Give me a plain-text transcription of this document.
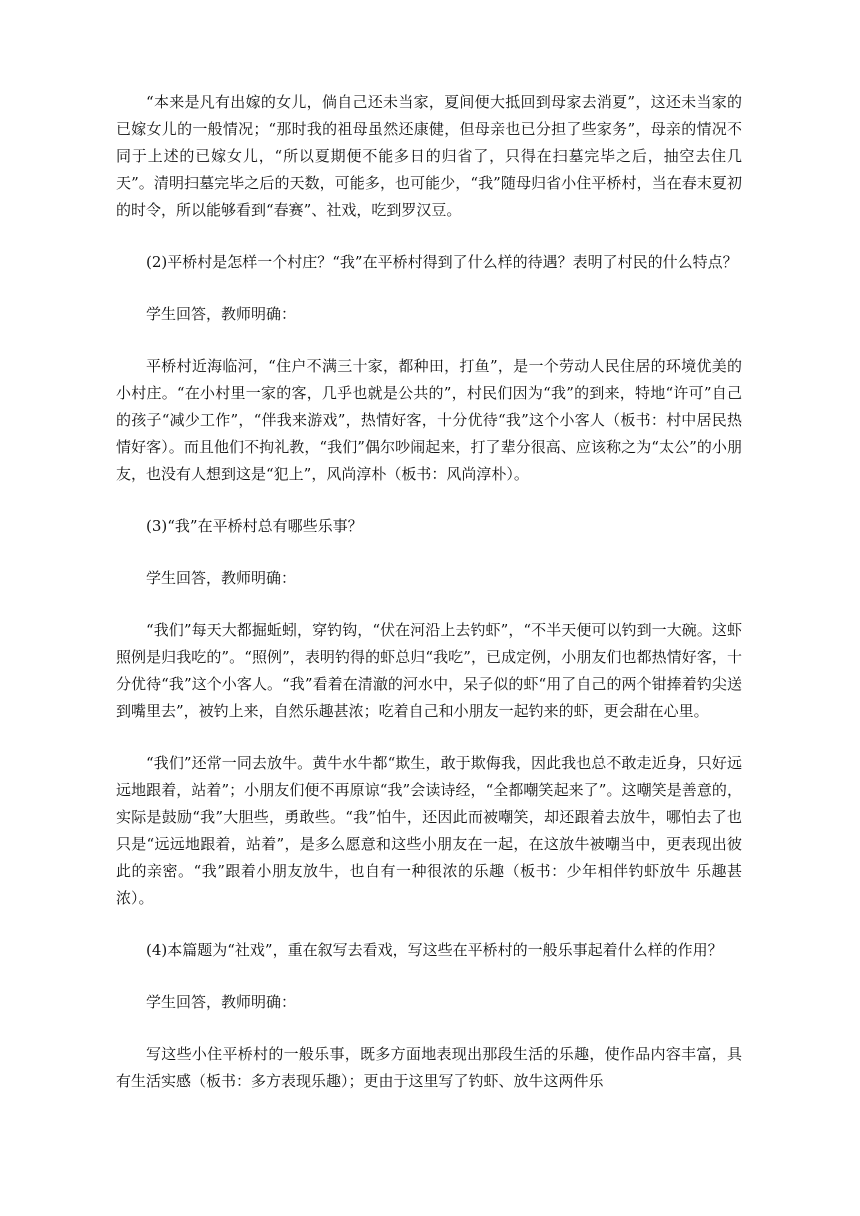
“本来是凡有出嫁的女儿，倘自己还未当家，夏间便大抵回到母家去消夏”，这还未当家的已嫁女儿的一般情况；“那时我的祖母虽然还康健，但母亲也已分担了些家务”，母亲的情况不同于上述的已嫁女儿，“所以夏期便不能多日的归省了，只得在扫墓完毕之后，抽空去住几天”。清明扫墓完毕之后的天数，可能多，也可能少，“我”随母归省小住平桥村，当在春末夏初的时令，所以能够看到“春赛”、社戏，吃到罗汉豆。

(2)平桥村是怎样一个村庄？“我”在平桥村得到了什么样的待遇？表明了村民的什么特点？

学生回答，教师明确：

平桥村近海临河，“住户不满三十家，都种田，打鱼”，是一个劳动人民住居的环境优美的小村庄。“在小村里一家的客，几乎也就是公共的”，村民们因为“我”的到来，特地“许可”自己的孩子“减少工作”，“伴我来游戏”，热情好客，十分优待“我”这个小客人（板书：村中居民热情好客）。而且他们不拘礼教，“我们”偶尔吵闹起来，打了辈分很高、应该称之为“太公”的小朋友，也没有人想到这是“犯上”，风尚淳朴（板书：风尚淳朴）。

(3)“我”在平桥村总有哪些乐事？

学生回答，教师明确：

“我们”每天大都掘蚯蚓，穿钓钩，“伏在河沿上去钓虾”，“不半天便可以钓到一大碗。这虾照例是归我吃的”。“照例”，表明钓得的虾总归“我吃”，已成定例，小朋友们也都热情好客，十分优待“我”这个小客人。“我”看着在清澈的河水中，呆子似的虾“用了自己的两个钳捧着钓尖送到嘴里去”，被钓上来，自然乐趣甚浓；吃着自己和小朋友一起钓来的虾，更会甜在心里。

“我们”还常一同去放牛。黄牛水牛都“欺生，敢于欺侮我，因此我也总不敢走近身，只好远远地跟着，站着”；小朋友们便不再原谅“我”会读诗经，“全都嘲笑起来了”。这嘲笑是善意的，实际是鼓励“我”大胆些，勇敢些。“我”怕牛，还因此而被嘲笑，却还跟着去放牛，哪怕去了也只是“远远地跟着，站着”，是多么愿意和这些小朋友在一起，在这放牛被嘲当中，更表现出彼此的亲密。“我”跟着小朋友放牛，也自有一种很浓的乐趣（板书：少年相伴钓虾放牛 乐趣甚浓）。

(4)本篇题为“社戏”，重在叙写去看戏，写这些在平桥村的一般乐事起着什么样的作用？

学生回答，教师明确：

写这些小住平桥村的一般乐事，既多方面地表现出那段生活的乐趣，使作品内容丰富，具有生活实感（板书：多方表现乐趣）；更由于这里写了钓虾、放牛这两件乐
